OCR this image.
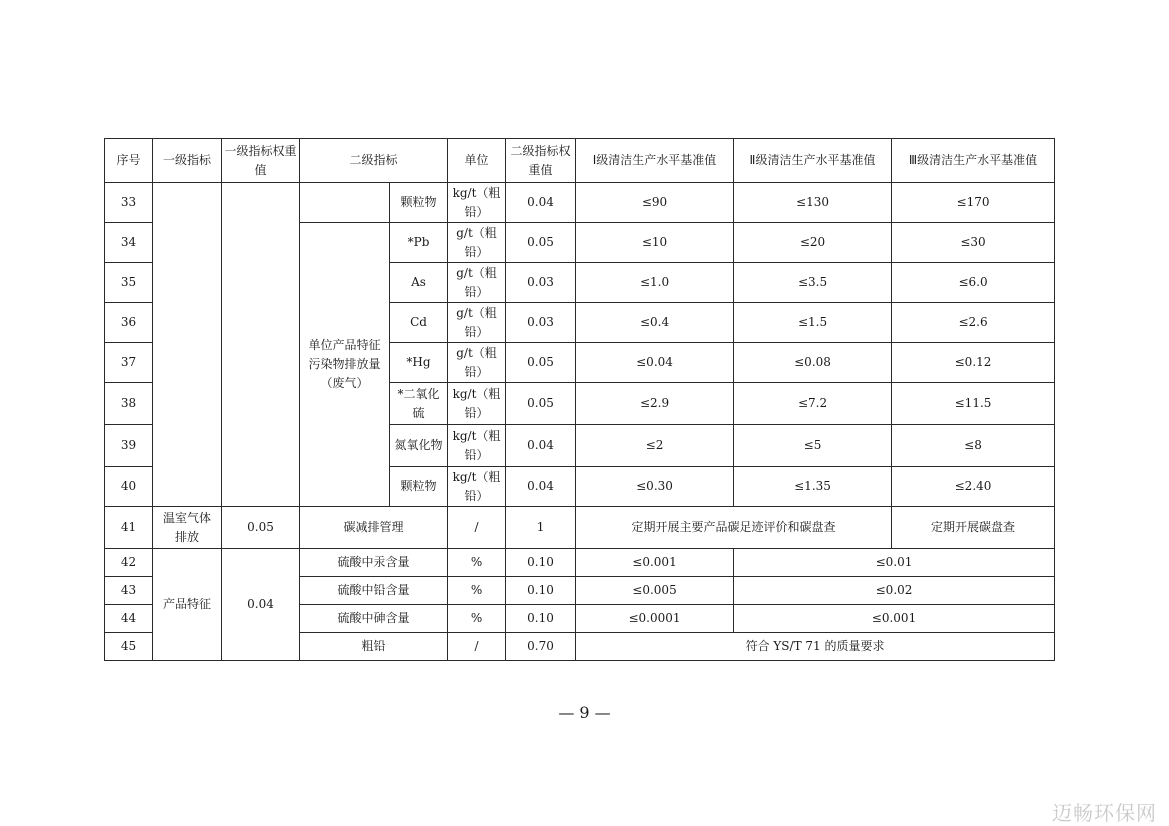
序号	一级指标	一级指标权重值	二级指标		单位	二级指标权重值	Ⅰ级清洁生产水平基准值	Ⅱ级清洁生产水平基准值	Ⅲ级清洁生产水平基准值
33				颗粒物	kg/t（粗铅）	0.04	≤90	≤130	≤170
34			单位产品特征污染物排放量（废气）	*Pb	g/t（粗铅）	0.05	≤10	≤20	≤30
35				As	g/t（粗铅）	0.03	≤1.0	≤3.5	≤6.0
36				Cd	g/t（粗铅）	0.03	≤0.4	≤1.5	≤2.6
37				*Hg	g/t（粗铅）	0.05	≤0.04	≤0.08	≤0.12
38				*二氧化硫	kg/t（粗铅）	0.05	≤2.9	≤7.2	≤11.5
39				氮氧化物	kg/t（粗铅）	0.04	≤2	≤5	≤8
40				颗粒物	kg/t（粗铅）	0.04	≤0.30	≤1.35	≤2.40
41	温室气体排放	0.05	碳减排管理		/	1	定期开展主要产品碳足迹评价和碳盘查		定期开展碳盘查
42	产品特征	0.04	硫酸中汞含量		%	0.10	≤0.001	≤0.01	
43			硫酸中铅含量		%	0.10	≤0.005	≤0.02	
44			硫酸中砷含量		%	0.10	≤0.0001	≤0.001	
45			粗铅		/	0.70	符合 YS/T 71 的质量要求		
— 9 —
迈畅环保网
